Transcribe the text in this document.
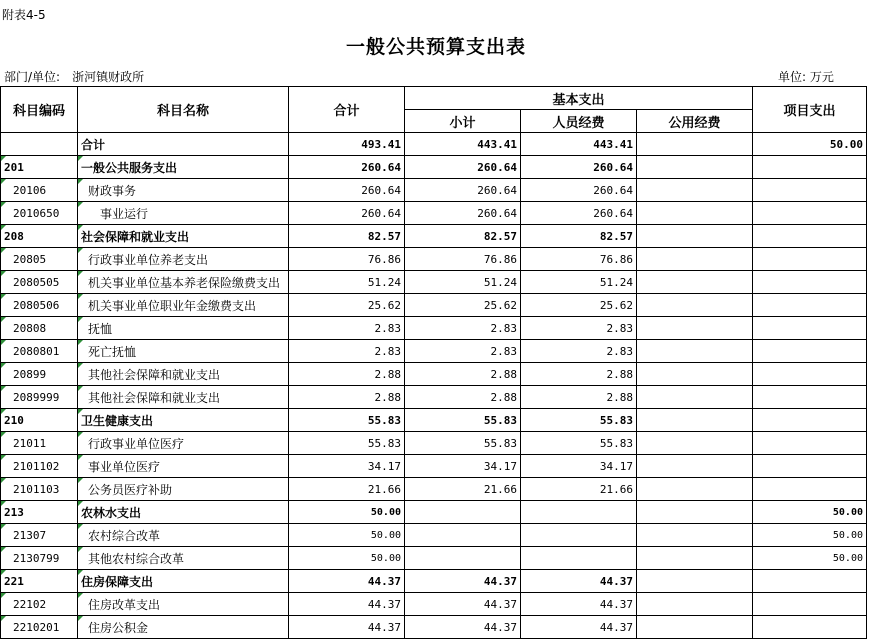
附表4-5
一般公共预算支出表
部门/单位: 浙河镇财政所	单位: 万元
科目编码	科目名称	合计	基本支出			项目支出
			小计	人员经费	公用经费	
	合计	493.41	443.41	443.41		50.00
201	一般公共服务支出	260.64	260.64	260.64		
20106	财政事务	260.64	260.64	260.64		
2010650	事业运行	260.64	260.64	260.64		
208	社会保障和就业支出	82.57	82.57	82.57		
20805	行政事业单位养老支出	76.86	76.86	76.86		
2080505	机关事业单位基本养老保险缴费支出	51.24	51.24	51.24		
2080506	机关事业单位职业年金缴费支出	25.62	25.62	25.62		
20808	抚恤	2.83	2.83	2.83		
2080801	死亡抚恤	2.83	2.83	2.83		
20899	其他社会保障和就业支出	2.88	2.88	2.88		
2089999	其他社会保障和就业支出	2.88	2.88	2.88		
210	卫生健康支出	55.83	55.83	55.83		
21011	行政事业单位医疗	55.83	55.83	55.83		
2101102	事业单位医疗	34.17	34.17	34.17		
2101103	公务员医疗补助	21.66	21.66	21.66		
213	农林水支出	50.00				50.00
21307	农村综合改革	50.00				50.00
2130799	其他农村综合改革	50.00				50.00
221	住房保障支出	44.37	44.37	44.37		
22102	住房改革支出	44.37	44.37	44.37		
2210201	住房公积金	44.37	44.37	44.37		
